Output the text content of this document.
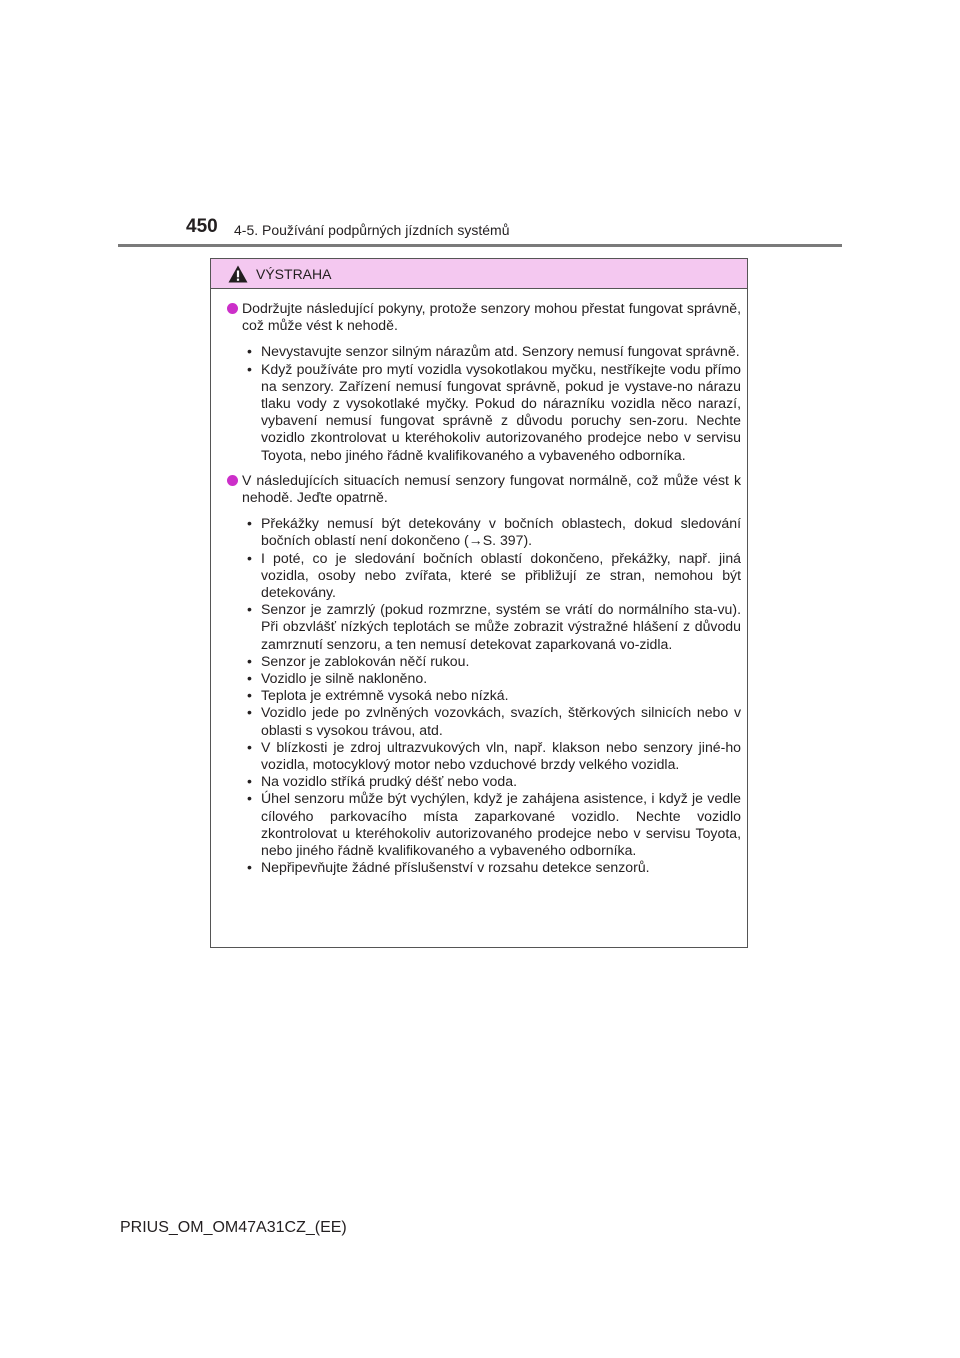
450 4-5. Používání podpůrných jízdních systémů
VÝSTRAHA
Dodržujte následující pokyny, protože senzory mohou přestat fungovat správně, což může vést k nehodě.
• Nevystavujte senzor silným nárazům atd. Senzory nemusí fungovat správně.
• Když používáte pro mytí vozidla vysokotlakou myčku, nestříkejte vodu přímo na senzory. Zařízení nemusí fungovat správně, pokud je vystave-no nárazu tlaku vody z vysokotlaké myčky. Pokud do nárazníku vozidla něco narazí, vybavení nemusí fungovat správně z důvodu poruchy sen-zoru. Nechte vozidlo zkontrolovat u kteréhokoliv autorizovaného prodejce nebo v servisu Toyota, nebo jiného řádně kvalifikovaného a vybaveného odborníka.
V následujících situacích nemusí senzory fungovat normálně, což může vést k nehodě. Jeďte opatrně.
• Překážky nemusí být detekovány v bočních oblastech, dokud sledování bočních oblastí není dokončeno (→S. 397).
• I poté, co je sledování bočních oblastí dokončeno, překážky, např. jiná vozidla, osoby nebo zvířata, které se přibližují ze stran, nemohou být detekovány.
• Senzor je zamrzlý (pokud rozmrzne, systém se vrátí do normálního sta-vu). Při obzvlášť nízkých teplotách se může zobrazit výstražné hlášení z důvodu zamrznutí senzoru, a ten nemusí detekovat zaparkovaná vo-zidla.
• Senzor je zablokován něčí rukou.
• Vozidlo je silně nakloněno.
• Teplota je extrémně vysoká nebo nízká.
• Vozidlo jede po zvlněných vozovkách, svazích, štěrkových silnicích nebo v oblasti s vysokou trávou, atd.
• V blízkosti je zdroj ultrazvukových vln, např. klakson nebo senzory jiné-ho vozidla, motocyklový motor nebo vzduchové brzdy velkého vozidla.
• Na vozidlo stříká prudký déšť nebo voda.
• Úhel senzoru může být vychýlen, když je zahájena asistence, i když je vedle cílového parkovacího místa zaparkované vozidlo. Nechte vozidlo zkontrolovat u kteréhokoliv autorizovaného prodejce nebo v servisu Toyota, nebo jiného řádně kvalifikovaného a vybaveného odborníka.
• Nepřipevňujte žádné příslušenství v rozsahu detekce senzorů.
PRIUS_OM_OM47A31CZ_(EE)
